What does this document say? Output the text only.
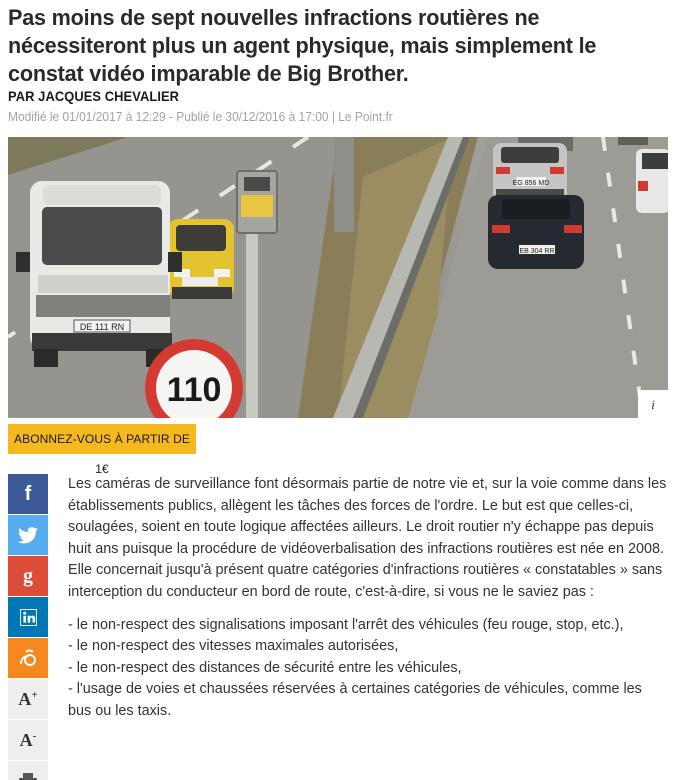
Pas moins de sept nouvelles infractions routières ne nécessiteront plus un agent physique, mais simplement le constat vidéo imparable de Big Brother.
PAR JACQUES CHEVALIER
Modifié le 01/01/2017 à 12:29 - Publié le 30/12/2016 à 17:00 | Le Point.fr
DE 111 RN
110
EG 856 MD
EB 304 RR
i
ABONNEZ-VOUS À PARTIR DE 1€
f
g
A+
A-

Les caméras de surveillance font désormais partie de notre vie et, sur la voie comme dans les établissements publics, allègent les tâches des forces de l'ordre. Le but est que celles-ci, soulagées, soient en toute logique affectées ailleurs. Le droit routier n'y échappe pas depuis huit ans puisque la procédure de vidéoverbalisation des infractions routières est née en 2008. Elle concernait jusqu'à présent quatre catégories d'infractions routières « constatables » sans interception du conducteur en bord de route, c'est-à-dire, si vous ne le saviez pas :

- le non-respect des signalisations imposant l'arrêt des véhicules (feu rouge, stop, etc.),
- le non-respect des vitesses maximales autorisées,
- le non-respect des distances de sécurité entre les véhicules,
- l'usage de voies et chaussées réservées à certaines catégories de véhicules, comme les bus ou les taxis.
